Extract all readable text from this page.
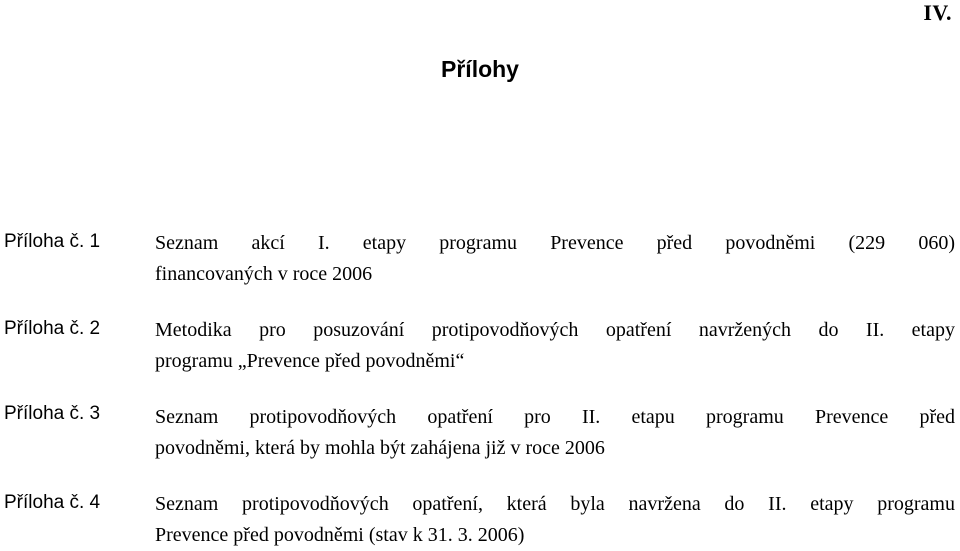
IV.
Přílohy
Příloha č. 1	Seznam akcí I. etapy programu Prevence před povodněmi (229 060)
financovaných v roce 2006
Příloha č. 2	Metodika pro posuzování protipovodňových opatření navržených do II. etapy
programu „Prevence před povodněmi“
Příloha č. 3	Seznam protipovodňových opatření pro II. etapu programu Prevence před
povodněmi, která by mohla být zahájena již v roce 2006
Příloha č. 4	Seznam protipovodňových opatření, která byla navržena do II. etapy programu
Prevence před povodněmi (stav k 31. 3. 2006)
